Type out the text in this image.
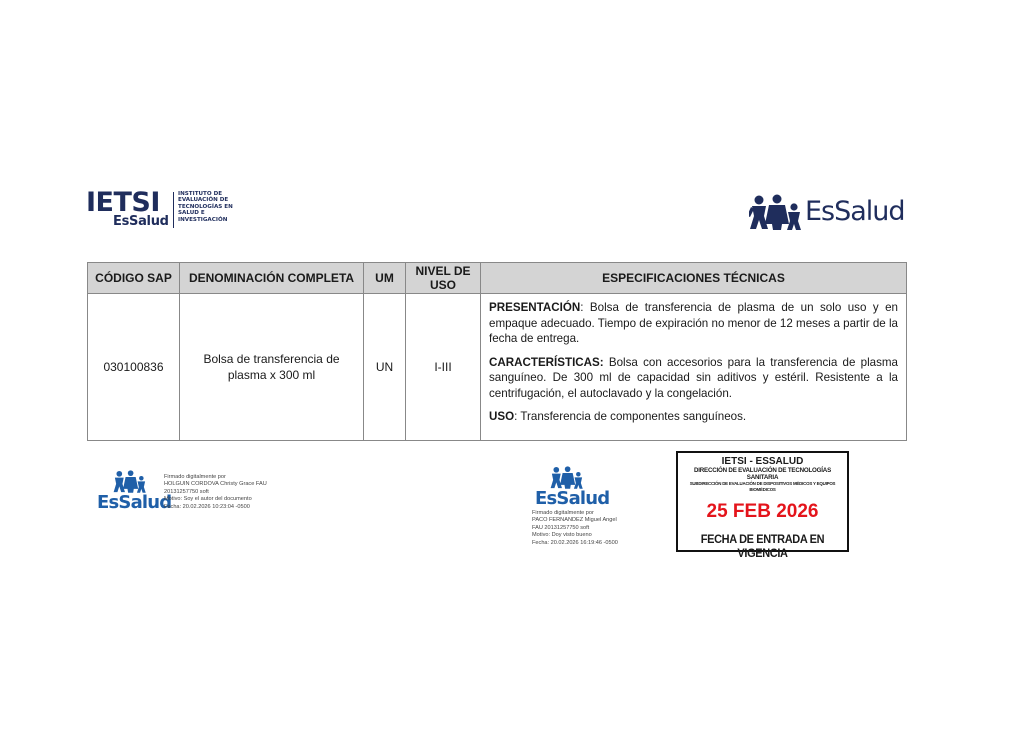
IETSI
EsSalud
INSTITUTO DE
EVALUACIÓN DE
TECNOLOGÍAS EN
SALUD E
INVESTIGACIÓN	EsSalud
CÓDIGO SAP	DENOMINACIÓN COMPLETA	UM	NIVEL DE USO	ESPECIFICACIONES TÉCNICAS
030100836	Bolsa de transferencia de plasma x 300 ml	UN	I-III	PRESENTACIÓN: Bolsa de transferencia de plasma de un solo uso y en empaque adecuado. Tiempo de expiración no menor de 12 meses a partir de la fecha de entrega.

CARACTERÍSTICAS: Bolsa con accesorios para la transferencia de plasma sanguíneo. De 300 ml de capacidad sin aditivos y estéril. Resistente a la centrifugación, el autoclavado y la congelación.

USO: Transferencia de componentes sanguíneos.

EsSalud
Firmado digitalmente por
HOLGUIN CORDOVA Christy Grace FAU
20131257750 soft
Motivo: Soy el autor del documento
Fecha: 20.02.2026 10:23:04 -0500	EsSalud
Firmado digitalmente por
PACO FERNANDEZ Miguel Angel
FAU 20131257750 soft
Motivo: Doy visto bueno
Fecha: 20.02.2026 16:19:46 -0500
IETSI - ESSALUD
DIRECCIÓN DE EVALUACIÓN DE TECNOLOGÍAS SANITARIA
SUBDIRECCIÓN DE EVALUACIÓN DE DISPOSITIVOS MÉDICOS Y EQUIPOS BIOMÉDICOS
25 FEB 2026
FECHA DE ENTRADA EN VIGENCIA
